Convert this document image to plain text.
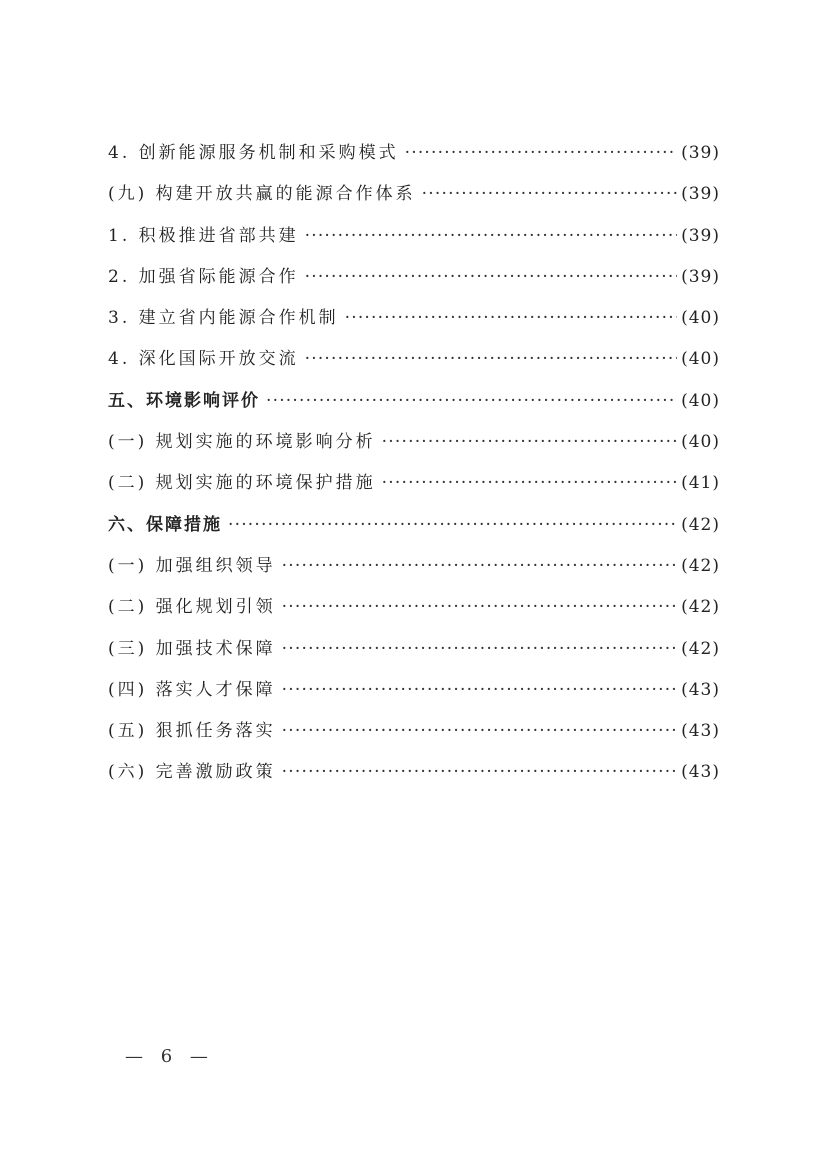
4. 创新能源服务机制和采购模式 ·····	(39)
(九) 构建开放共赢的能源合作体系 ·····	(39)
1. 积极推进省部共建 ·····	(39)
2. 加强省际能源合作 ·····	(39)
3. 建立省内能源合作机制 ·····	(40)
4. 深化国际开放交流 ·····	(40)
五、环境影响评价 ·····	(40)
(一) 规划实施的环境影响分析 ·····	(40)
(二) 规划实施的环境保护措施 ·····	(41)
六、保障措施 ·····	(42)
(一) 加强组织领导 ·····	(42)
(二) 强化规划引领 ·····	(42)
(三) 加强技术保障 ·····	(42)
(四) 落实人才保障 ·····	(43)
(五) 狠抓任务落实 ·····	(43)
(六) 完善激励政策 ·····	(43)
— 6 —
